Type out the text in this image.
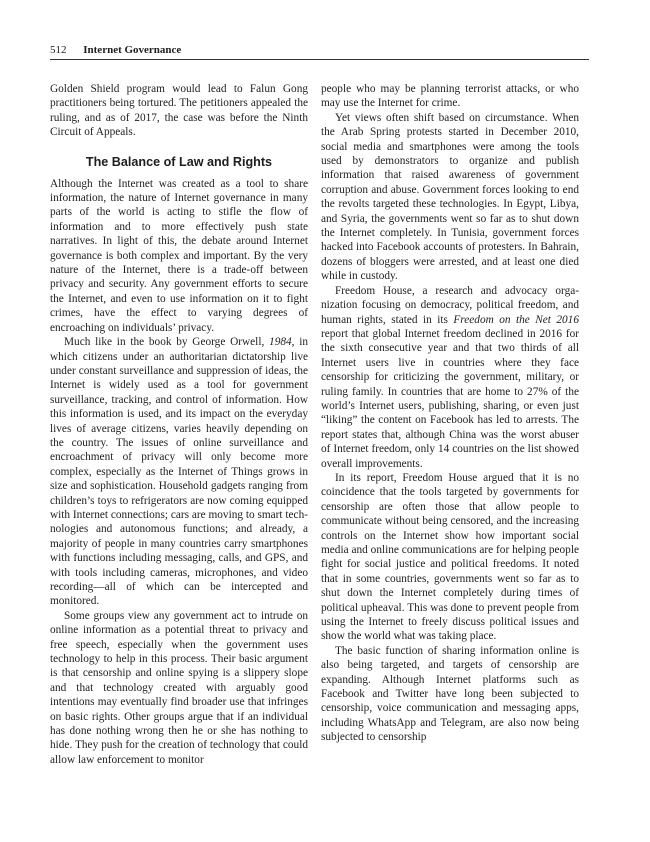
512 Internet Governance

Golden Shield program would lead to Falun Gong practitioners being tortured. The petitioners appealed the ruling, and as of 2017, the case was before the Ninth Circuit of Appeals.

The Balance of Law and Rights

Although the Internet was created as a tool to share information, the nature of Internet governance in many parts of the world is acting to stifle the flow of information and to more effectively push state narratives. In light of this, the debate around Internet governance is both complex and important. By the very nature of the Internet, there is a trade-off between privacy and security. Any government efforts to secure the Internet, and even to use information on it to fight crimes, have the effect to varying degrees of encroaching on individuals’ privacy.

Much like in the book by George Orwell, 1984, in which citizens under an authoritarian dictatorship live under constant surveillance and suppression of ideas, the Internet is widely used as a tool for government surveillance, tracking, and control of information. How this information is used, and its impact on the everyday lives of average citizens, varies heavily depending on the country. The issues of online surveillance and encroachment of privacy will only become more complex, especially as the Internet of Things grows in size and sophistication. Household gadgets ranging from children’s toys to refrigerators are now coming equipped with Internet connections; cars are moving to smart technologies and autonomous functions; and already, a majority of people in many countries carry smartphones with functions including messaging, calls, and GPS, and with tools including cameras, microphones, and video recording—all of which can be intercepted and monitored.

Some groups view any government act to intrude on online information as a potential threat to privacy and free speech, especially when the government uses technology to help in this process. Their basic argument is that censorship and online spying is a slippery slope and that technology created with arguably good intentions may eventually find broader use that infringes on basic rights. Other groups argue that if an individual has done nothing wrong then he or she has nothing to hide. They push for the creation of technology that could allow law enforcement to monitor

people who may be planning terrorist attacks, or who may use the Internet for crime.

Yet views often shift based on circumstance. When the Arab Spring protests started in December 2010, social media and smartphones were among the tools used by demonstrators to organize and publish information that raised awareness of government corruption and abuse. Government forces looking to end the revolts targeted these technologies. In Egypt, Libya, and Syria, the governments went so far as to shut down the Internet completely. In Tunisia, government forces hacked into Facebook accounts of protesters. In Bahrain, dozens of bloggers were arrested, and at least one died while in custody.

Freedom House, a research and advocacy organization focusing on democracy, political freedom, and human rights, stated in its Freedom on the Net 2016 report that global Internet freedom declined in 2016 for the sixth consecutive year and that two thirds of all Internet users live in countries where they face censorship for criticizing the government, military, or ruling family. In countries that are home to 27% of the world’s Internet users, publishing, sharing, or even just “liking” the content on Facebook has led to arrests. The report states that, although China was the worst abuser of Internet freedom, only 14 countries on the list showed overall improvements.

In its report, Freedom House argued that it is no coincidence that the tools targeted by governments for censorship are often those that allow people to communicate without being censored, and the increasing controls on the Internet show how important social media and online communications are for helping people fight for social justice and political freedoms. It noted that in some countries, governments went so far as to shut down the Internet completely during times of political upheaval. This was done to prevent people from using the Internet to freely discuss political issues and show the world what was taking place.

The basic function of sharing information online is also being targeted, and targets of censorship are expanding. Although Internet platforms such as Facebook and Twitter have long been subjected to censorship, voice communication and messaging apps, including WhatsApp and Telegram, are also now being subjected to censorship
